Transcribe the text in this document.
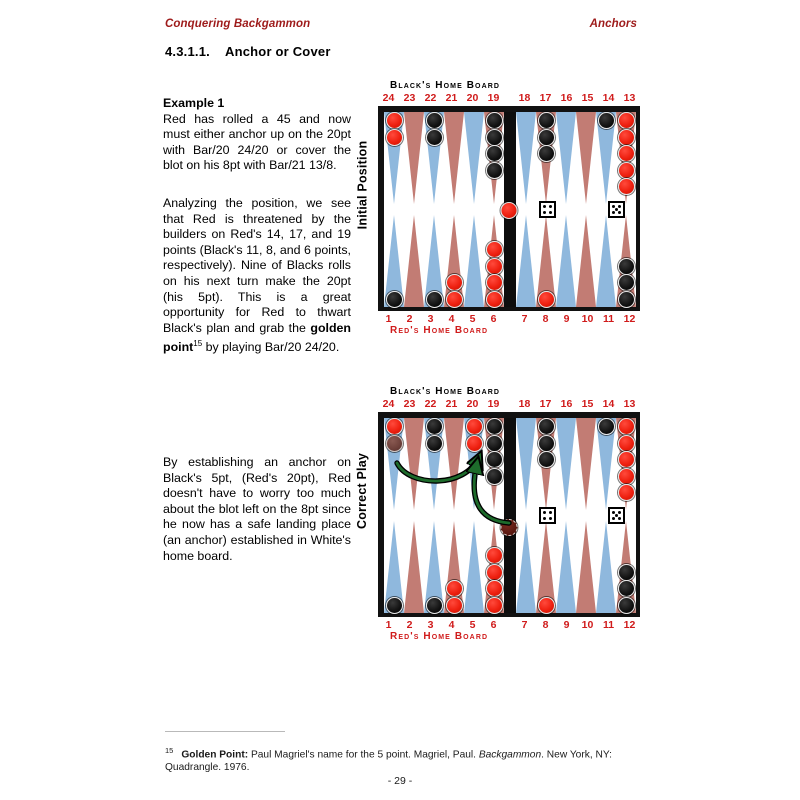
Conquering Backgammon	Anchors
4.3.1.1. Anchor or Cover
Example 1
Red has rolled a 45 and now must either anchor up on the 20pt with Bar/20 24/20 or cover the blot on his 8pt with Bar/21 13/8.
Analyzing the position, we see that Red is threatened by the builders on Red's 14, 17, and 19 points (Black's 11, 8, and 6 points, respectively). Nine of Blacks rolls on his next turn make the 20pt (his 5pt). This is a great opportunity for Red to thwart Black's plan and grab the golden point$^{15}$ by playing Bar/20 24/20.
By establishing an anchor on Black's 5pt, (Red's 20pt), Red doesn't have to worry too much about the blot left on the 8pt since he now has a safe landing place (an anchor) established in White's home board.
Initial Position
Black's Home Board
24 23 22 21 20 19	18 17 16 15 14 13
1	2	3	4	5	6	7	8	9	10 11 12
Red's Home Board
Correct Play
Black's Home Board
24 23 22 21 20 19	18 17 16 15 14 13
1	2	3	4	5	6	7	8	9	10 11 12
Red's Home Board
$^{15}$ Golden Point: Paul Magriel's name for the 5 point. Magriel, Paul. Backgammon. New York, NY: Quadrangle. 1976.
- 29 -
